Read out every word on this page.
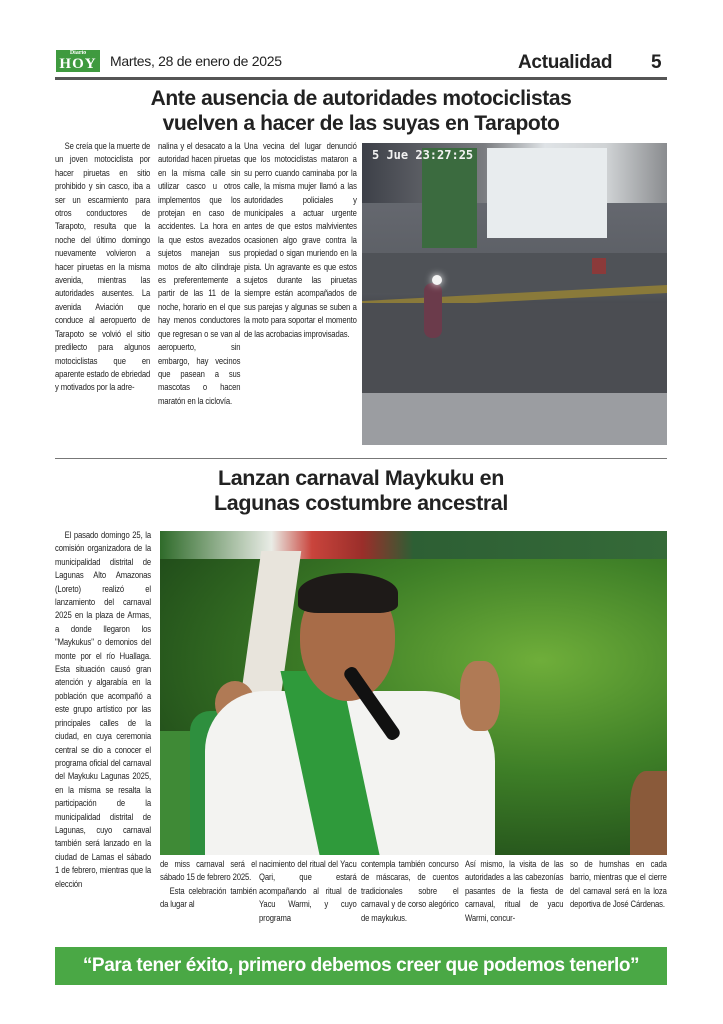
Diario
HOY Martes, 28 de enero de 2025	Actualidad 5
Ante ausencia de autoridades motociclistas
vuelven a hacer de las suyas en Tarapoto

Se creía que la muerte de un joven motociclista por hacer piruetas en sitio prohibido y sin casco, iba a ser un escarmiento para otros conductores de Tarapoto, resulta que la noche del último domingo nuevamente volvieron a hacer piruetas en la misma avenida, mientras las autoridades ausentes. La avenida Aviación que conduce al aeropuerto de Tarapoto se volvió el sitio predilecto para algunos motociclistas que en aparente estado de ebriedad y motivados por la adre-

nalina y el desacato a la autoridad hacen piruetas en la misma calle sin utilizar casco u otros implementos que los protejan en caso de accidentes. La hora en la que estos avezados sujetos manejan sus motos de alto cilindraje es preferentemente a partir de las 11 de la noche, horario en el que hay menos conductores que regresan o se van al aeropuerto, sin embargo, hay vecinos que pasean a sus mascotas o hacen maratón en la ciclovía.

Una vecina del lugar denunció que los motociclistas mataron a su perro cuando caminaba por la calle, la misma mujer llamó a las autoridades policiales y municipales a actuar urgente antes de que estos malvivientes ocasionen algo grave contra la propiedad o sigan muriendo en la pista. Un agravante es que estos sujetos durante las piruetas siempre están acompañados de sus parejas y algunas se suben a la moto para soportar el momento de las acrobacias improvisadas.

5 Jue 23:27:25
Lanzan carnaval Maykuku en
Lagunas costumbre ancestral

El pasado domingo 25, la comisión organizadora de la municipalidad distrital de Lagunas Alto Amazonas (Loreto) realizó el lanzamiento del carnaval 2025 en la plaza de Armas, a donde llegaron los "Maykukus" o demonios del monte por el río Huallaga. Esta situación causó gran atención y algarabía en la población que acompañó a este grupo artístico por las principales calles de la ciudad, en cuya ceremonia central se dio a conocer el programa oficial del carnaval del Maykuku Lagunas 2025, en la misma se resalta la participación de la municipalidad distrital de Lagunas, cuyo carnaval también será lanzado en la ciudad de Lamas el sábado 1 de febrero, mientras que la elección

de miss carnaval será el sábado 15 de febrero 2025.

Esta celebración también da lugar al

nacimiento del ritual del Yacu Qari, que estará acompañando al ritual de Yacu Warmi, y cuyo programa

contempla también concurso de máscaras, de cuentos tradicionales sobre el carnaval y de corso alegórico de maykukus.

Así mismo, la visita de las autoridades a las cabezonías pasantes de la fiesta de carnaval, ritual de yacu Warmi, concur-

so de humshas en cada barrio, mientras que el cierre del carnaval será en la loza deportiva de José Cárdenas.

“Para tener éxito, primero debemos creer que podemos tenerlo”
